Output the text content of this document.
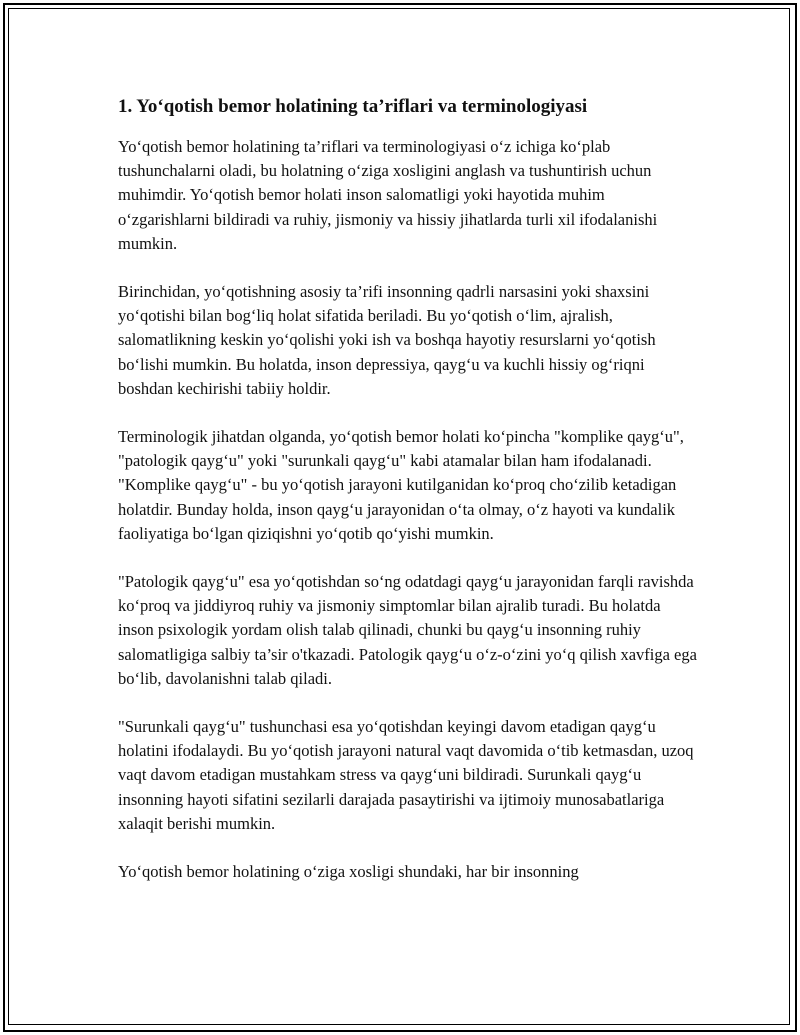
1. Yo‘qotish bemor holatining ta’riflari va terminologiyasi

Yo‘qotish bemor holatining ta’riflari va terminologiyasi o‘z ichiga ko‘plab tushunchalarni oladi, bu holatning o‘ziga xosligini anglash va tushuntirish uchun muhimdir. Yo‘qotish bemor holati inson salomatligi yoki hayotida muhim o‘zgarishlarni bildiradi va ruhiy, jismoniy va hissiy jihatlarda turli xil ifodalanishi mumkin.

Birinchidan, yo‘qotishning asosiy ta’rifi insonning qadrli narsasini yoki shaxsini yo‘qotishi bilan bog‘liq holat sifatida beriladi. Bu yo‘qotish o‘lim, ajralish, salomatlikning keskin yo‘qolishi yoki ish va boshqa hayotiy resurslarni yo‘qotish bo‘lishi mumkin. Bu holatda, inson depressiya, qayg‘u va kuchli hissiy og‘riqni boshdan kechirishi tabiiy holdir.

Terminologik jihatdan olganda, yo‘qotish bemor holati ko‘pincha "komplike qayg‘u", "patologik qayg‘u" yoki "surunkali qayg‘u" kabi atamalar bilan ham ifodalanadi. "Komplike qayg‘u" - bu yo‘qotish jarayoni kutilganidan ko‘proq cho‘zilib ketadigan holatdir. Bunday holda, inson qayg‘u jarayonidan o‘ta olmay, o‘z hayoti va kundalik faoliyatiga bo‘lgan qiziqishni yo‘qotib qo‘yishi mumkin.

"Patologik qayg‘u" esa yo‘qotishdan so‘ng odatdagi qayg‘u jarayonidan farqli ravishda ko‘proq va jiddiyroq ruhiy va jismoniy simptomlar bilan ajralib turadi. Bu holatda inson psixologik yordam olish talab qilinadi, chunki bu qayg‘u insonning ruhiy salomatligiga salbiy ta’sir o'tkazadi. Patologik qayg‘u o‘z-o‘zini yo‘q qilish xavfiga ega bo‘lib, davolanishni talab qiladi.

"Surunkali qayg‘u" tushunchasi esa yo‘qotishdan keyingi davom etadigan qayg‘u holatini ifodalaydi. Bu yo‘qotish jarayoni natural vaqt davomida o‘tib ketmasdan, uzoq vaqt davom etadigan mustahkam stress va qayg‘uni bildiradi. Surunkali qayg‘u insonning hayoti sifatini sezilarli darajada pasaytirishi va ijtimoiy munosabatlariga xalaqit berishi mumkin.

Yo‘qotish bemor holatining o‘ziga xosligi shundaki, har bir insonning
